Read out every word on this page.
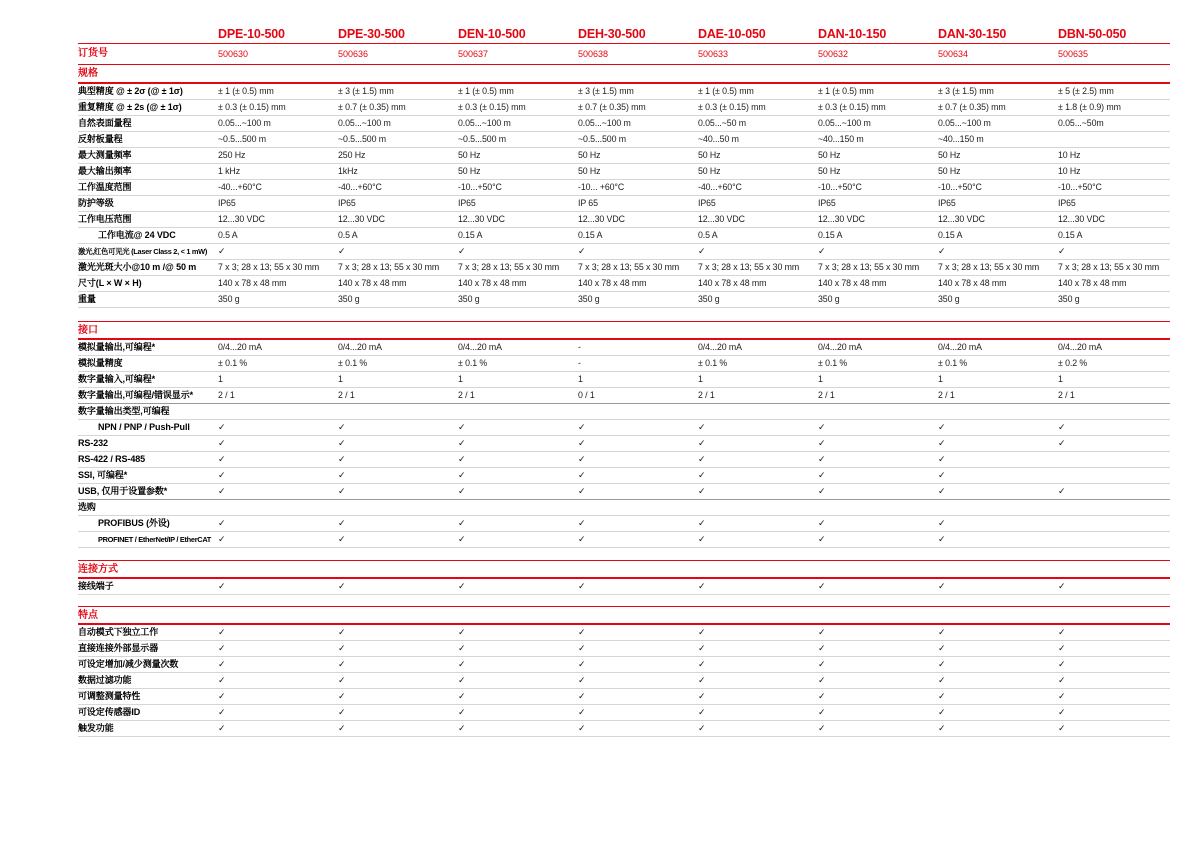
DPE-10-500	DPE-30-500	DEN-10-500	DEH-30-500	DAE-10-050	DAN-10-150	DAN-30-150	DBN-50-050
订货号	500630	500636	500637	500638	500633	500632	500634	500635
规格
典型精度 @ ± 2σ (@ ± 1σ)	± 1 (± 0.5) mm	± 3 (± 1.5) mm	± 1 (± 0.5) mm	± 3 (± 1.5) mm	± 1 (± 0.5) mm	± 1 (± 0.5) mm	± 3 (± 1.5) mm	± 5 (± 2.5) mm
重复精度 @ ± 2s (@ ± 1σ)	± 0.3 (± 0.15) mm	± 0.7 (± 0.35) mm	± 0.3 (± 0.15) mm	± 0.7 (± 0.35) mm	± 0.3 (± 0.15) mm	± 0.3 (± 0.15) mm	± 0.7 (± 0.35) mm	± 1.8 (± 0.9) mm
自然表面量程	0.05...~100 m	0.05...~100 m	0.05...~100 m	0.05...~100 m	0.05...~50 m	0.05...~100 m	0.05...~100 m	0.05...~50m
反射板量程	~0.5...500 m	~0.5...500 m	~0.5...500 m	~0.5...500 m	~40...50 m	~40...150 m	~40...150 m
最大测量频率	250 Hz	250 Hz	50 Hz	50 Hz	50 Hz	50 Hz	50 Hz	10 Hz
最大输出频率	1 kHz	1kHz	50 Hz	50 Hz	50 Hz	50 Hz	50 Hz	10 Hz
工作温度范围	-40...+60°C	-40...+60°C	-10...+50°C	-10... +60°C	-40...+60°C	-10...+50°C	-10...+50°C	-10...+50°C
防护等级	IP65	IP65	IP65	IP 65	IP65	IP65	IP65	IP65
工作电压范围	12...30 VDC	12...30 VDC	12...30 VDC	12...30 VDC	12...30 VDC	12...30 VDC	12...30 VDC	12...30 VDC
工作电流@ 24 VDC	0.5 A	0.5 A	0.15 A	0.15 A	0.5 A	0.15 A	0.15 A	0.15 A
激光,红色可见光 (Laser Class 2, < 1 mW)	✓	✓	✓	✓	✓	✓	✓	✓
激光光斑大小@10 m /@ 50 m	7 x 3; 28 x 13; 55 x 30 mm	7 x 3; 28 x 13; 55 x 30 mm	7 x 3; 28 x 13; 55 x 30 mm	7 x 3; 28 x 13; 55 x 30 mm	7 x 3; 28 x 13; 55 x 30 mm	7 x 3; 28 x 13; 55 x 30 mm	7 x 3; 28 x 13; 55 x 30 mm	7 x 3; 28 x 13; 55 x 30 mm
尺寸(L × W × H)	140 x 78 x 48 mm	140 x 78 x 48 mm	140 x 78 x 48 mm	140 x 78 x 48 mm	140 x 78 x 48 mm	140 x 78 x 48 mm	140 x 78 x 48 mm	140 x 78 x 48 mm
重量	350 g	350 g	350 g	350 g	350 g	350 g	350 g	350 g
接口
模拟量输出,可编程*	0/4...20 mA	0/4...20 mA	0/4...20 mA	-	0/4...20 mA	0/4...20 mA	0/4...20 mA	0/4...20 mA
模拟量精度	± 0.1 %	± 0.1 %	± 0.1 %	-	± 0.1 %	± 0.1 %	± 0.1 %	± 0.2 %
数字量输入,可编程*	1	1	1	1	1	1	1	1
数字量输出,可编程/错误显示*	2 / 1	2 / 1	2 / 1	0 / 1	2 / 1	2 / 1	2 / 1	2 / 1
数字量输出类型,可编程
NPN / PNP / Push-Pull	✓	✓	✓	✓	✓	✓	✓	✓
RS-232	✓	✓	✓	✓	✓	✓	✓	✓
RS-422 / RS-485	✓	✓	✓	✓	✓	✓	✓
SSI, 可编程*	✓	✓	✓	✓	✓	✓	✓
USB, 仅用于设置参数*	✓	✓	✓	✓	✓	✓	✓	✓
选购
PROFIBUS (外设)	✓	✓	✓	✓	✓	✓	✓
PROFINET / EtherNet/IP / EtherCAT ✓	✓	✓	✓	✓	✓	✓
连接方式
接线端子	✓	✓	✓	✓	✓	✓	✓	✓
特点
自动模式下独立工作	✓	✓	✓	✓	✓	✓	✓	✓
直接连接外部显示器	✓	✓	✓	✓	✓	✓	✓	✓
可设定增加/减少测量次数	✓	✓	✓	✓	✓	✓	✓	✓
数据过滤功能	✓	✓	✓	✓	✓	✓	✓	✓
可调整测量特性	✓	✓	✓	✓	✓	✓	✓	✓
可设定传感器ID	✓	✓	✓	✓	✓	✓	✓	✓
触发功能	✓	✓	✓	✓	✓	✓	✓	✓
